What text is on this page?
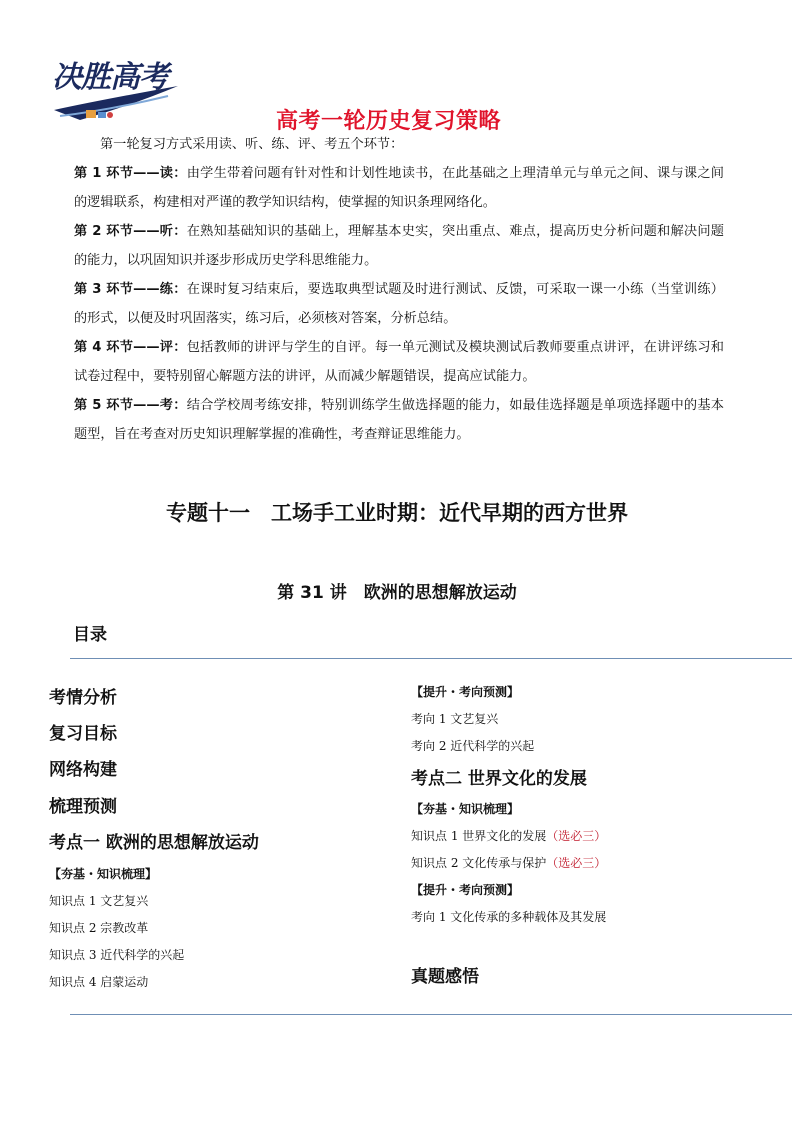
决胜高考
高考一轮历史复习策略

第一轮复习方式采用读、听、练、评、考五个环节：

第 1 环节——读：由学生带着问题有针对性和计划性地读书，在此基础之上理清单元与单元之间、课与课之间的逻辑联系，构建相对严谨的教学知识结构，使掌握的知识条理网络化。

第 2 环节——听：在熟知基础知识的基础上，理解基本史实，突出重点、难点，提高历史分析问题和解决问题的能力，以巩固知识并逐步形成历史学科思维能力。

第 3 环节——练：在课时复习结束后，要选取典型试题及时进行测试、反馈，可采取一课一小练（当堂训练）的形式，以便及时巩固落实，练习后，必须核对答案，分析总结。

第 4 环节——评：包括教师的讲评与学生的自评。每一单元测试及模块测试后教师要重点讲评，在讲评练习和试卷过程中，要特别留心解题方法的讲评，从而减少解题错误，提高应试能力。

第 5 环节——考：结合学校周考练安排，特别训练学生做选择题的能力，如最佳选择题是单项选择题中的基本题型，旨在考查对历史知识理解掌握的准确性，考查辩证思维能力。

专题十一　工场手工业时期：近代早期的西方世界
第 31 讲　欧洲的思想解放运动
目录
考情分析
复习目标
网络构建
梳理预测
考点一 欧洲的思想解放运动
【夯基・知识梳理】
知识点 1 文艺复兴
知识点 2 宗教改革
知识点 3 近代科学的兴起
知识点 4 启蒙运动
【提升・考向预测】
考向 1 文艺复兴
考向 2 近代科学的兴起
考点二 世界文化的发展
【夯基・知识梳理】
知识点 1 世界文化的发展（选必三）
知识点 2 文化传承与保护（选必三）
【提升・考向预测】
考向 1 文化传承的多种载体及其发展
真题感悟
